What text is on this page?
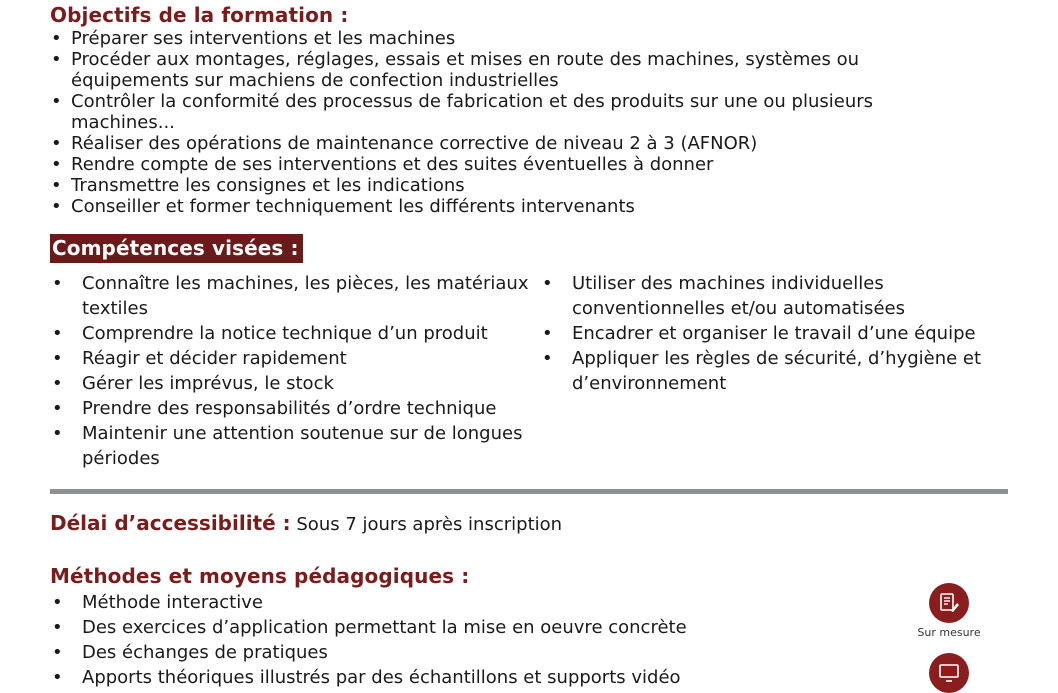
Objectifs de la formation :
• Préparer ses interventions et les machines
• Procéder aux montages, réglages, essais et mises en route des machines, systèmes ou équipements sur machiens de confection industrielles
• Contrôler la conformité des processus de fabrication et des produits sur une ou plusieurs machines...
• Réaliser des opérations de maintenance corrective de niveau 2 à 3 (AFNOR)
• Rendre compte de ses interventions et des suites éventuelles à donner
• Transmettre les consignes et les indications
• Conseiller et former techniquement les différents intervenants
Compétences visées :
• Connaître les machines, les pièces, les matériaux textiles
• Comprendre la notice technique d’un produit
• Réagir et décider rapidement
• Gérer les imprévus, le stock
• Prendre des responsabilités d’ordre technique
• Maintenir une attention soutenue sur de longues périodes
• Utiliser des machines individuelles conventionnelles et/ou automatisées
• Encadrer et organiser le travail d’une équipe
• Appliquer les règles de sécurité, d’hygiène et d’environnement
Délai d’accessibilité : Sous 7 jours après inscription
Méthodes et moyens pédagogiques :
• Méthode interactive
• Des exercices d’application permettant la mise en oeuvre concrète
• Des échanges de pratiques
• Apports théoriques illustrés par des échantillons et supports vidéo
Sur mesure
